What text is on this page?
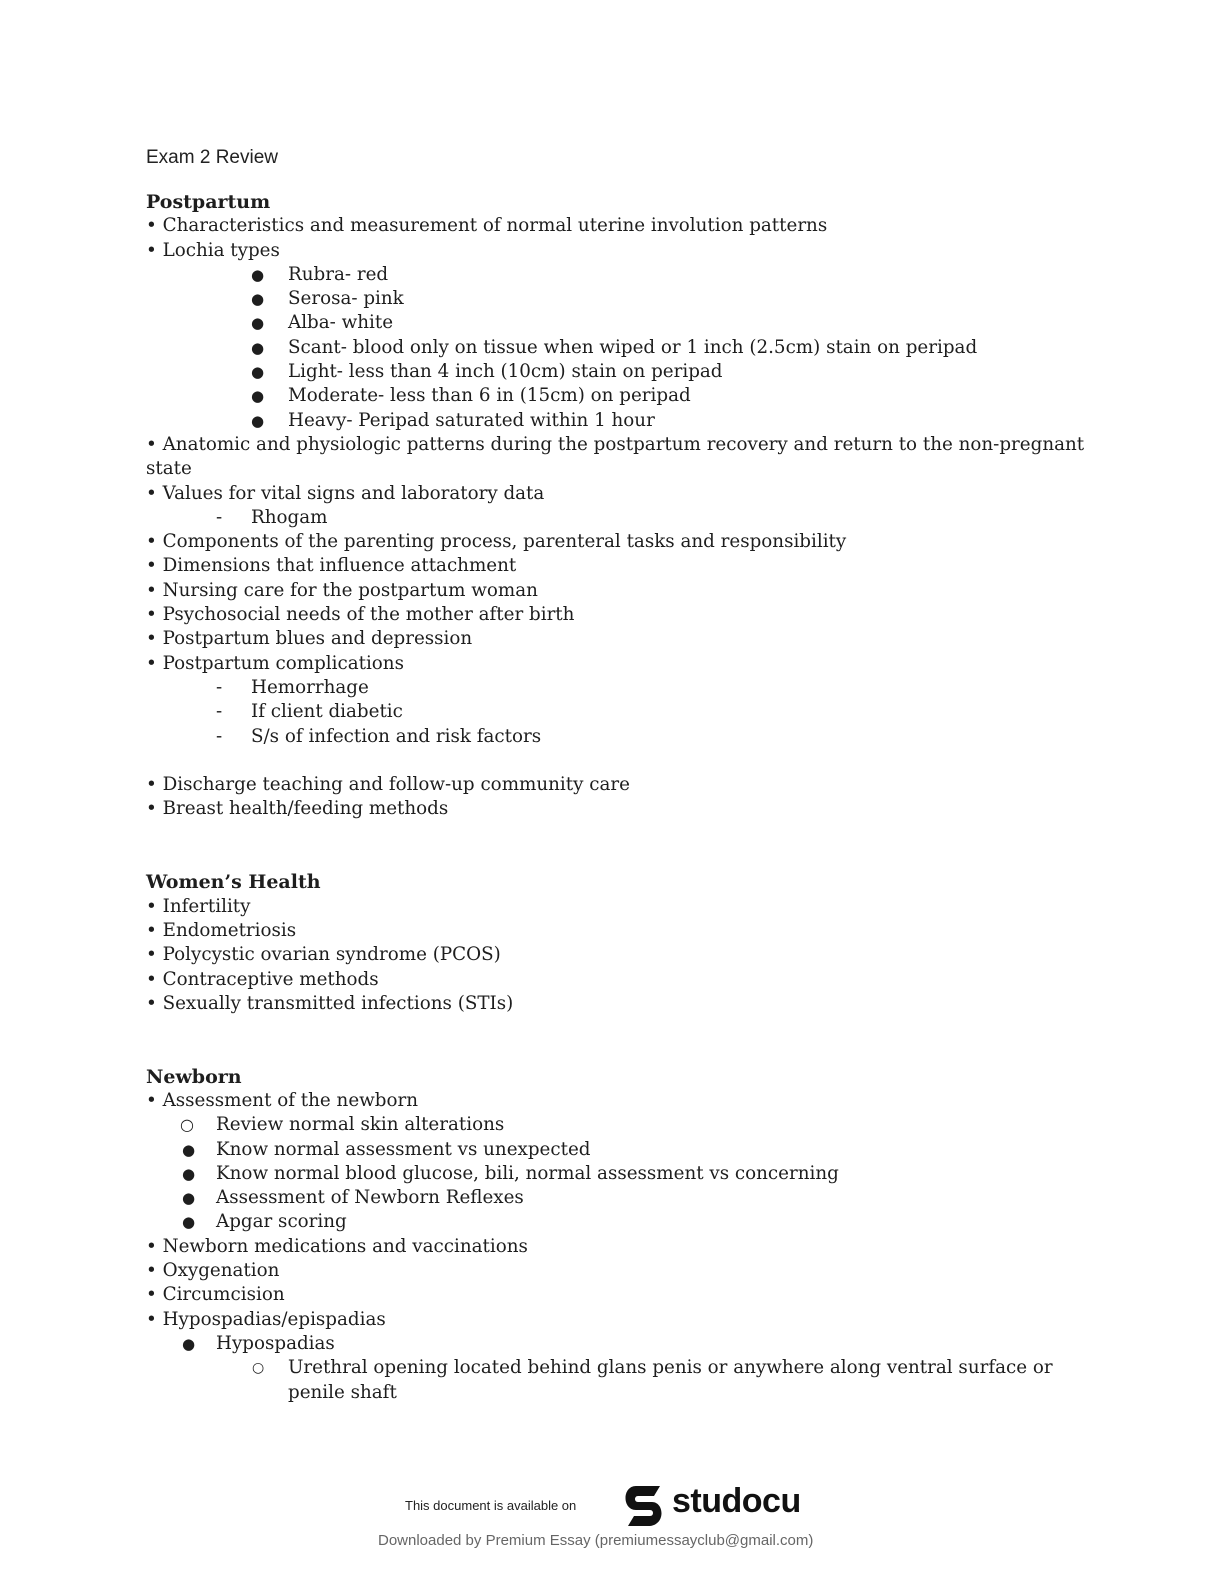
Exam 2 Review
Postpartum
• Characteristics and measurement of normal uterine involution patterns
• Lochia types
● Rubra- red
● Serosa- pink
● Alba- white
● Scant- blood only on tissue when wiped or 1 inch (2.5cm) stain on peripad
● Light- less than 4 inch (10cm) stain on peripad
● Moderate- less than 6 in (15cm) on peripad
● Heavy- Peripad saturated within 1 hour
• Anatomic and physiologic patterns during the postpartum recovery and return to the non-pregnant state
• Values for vital signs and laboratory data
- Rhogam
• Components of the parenting process, parenteral tasks and responsibility
• Dimensions that influence attachment
• Nursing care for the postpartum woman
• Psychosocial needs of the mother after birth
• Postpartum blues and depression
• Postpartum complications
- Hemorrhage
- If client diabetic
- S/s of infection and risk factors
• Discharge teaching and follow-up community care
• Breast health/feeding methods
Women’s Health
• Infertility
• Endometriosis
• Polycystic ovarian syndrome (PCOS)
• Contraceptive methods
• Sexually transmitted infections (STIs)
Newborn
• Assessment of the newborn
○ Review normal skin alterations
● Know normal assessment vs unexpected
● Know normal blood glucose, bili, normal assessment vs concerning
● Assessment of Newborn Reflexes
● Apgar scoring
• Newborn medications and vaccinations
• Oxygenation
• Circumcision
• Hypospadias/epispadias
● Hypospadias
○ Urethral opening located behind glans penis or anywhere along ventral surface or penile shaft
This document is available on	studocu
Downloaded by Premium Essay (premiumessayclub@gmail.com)
